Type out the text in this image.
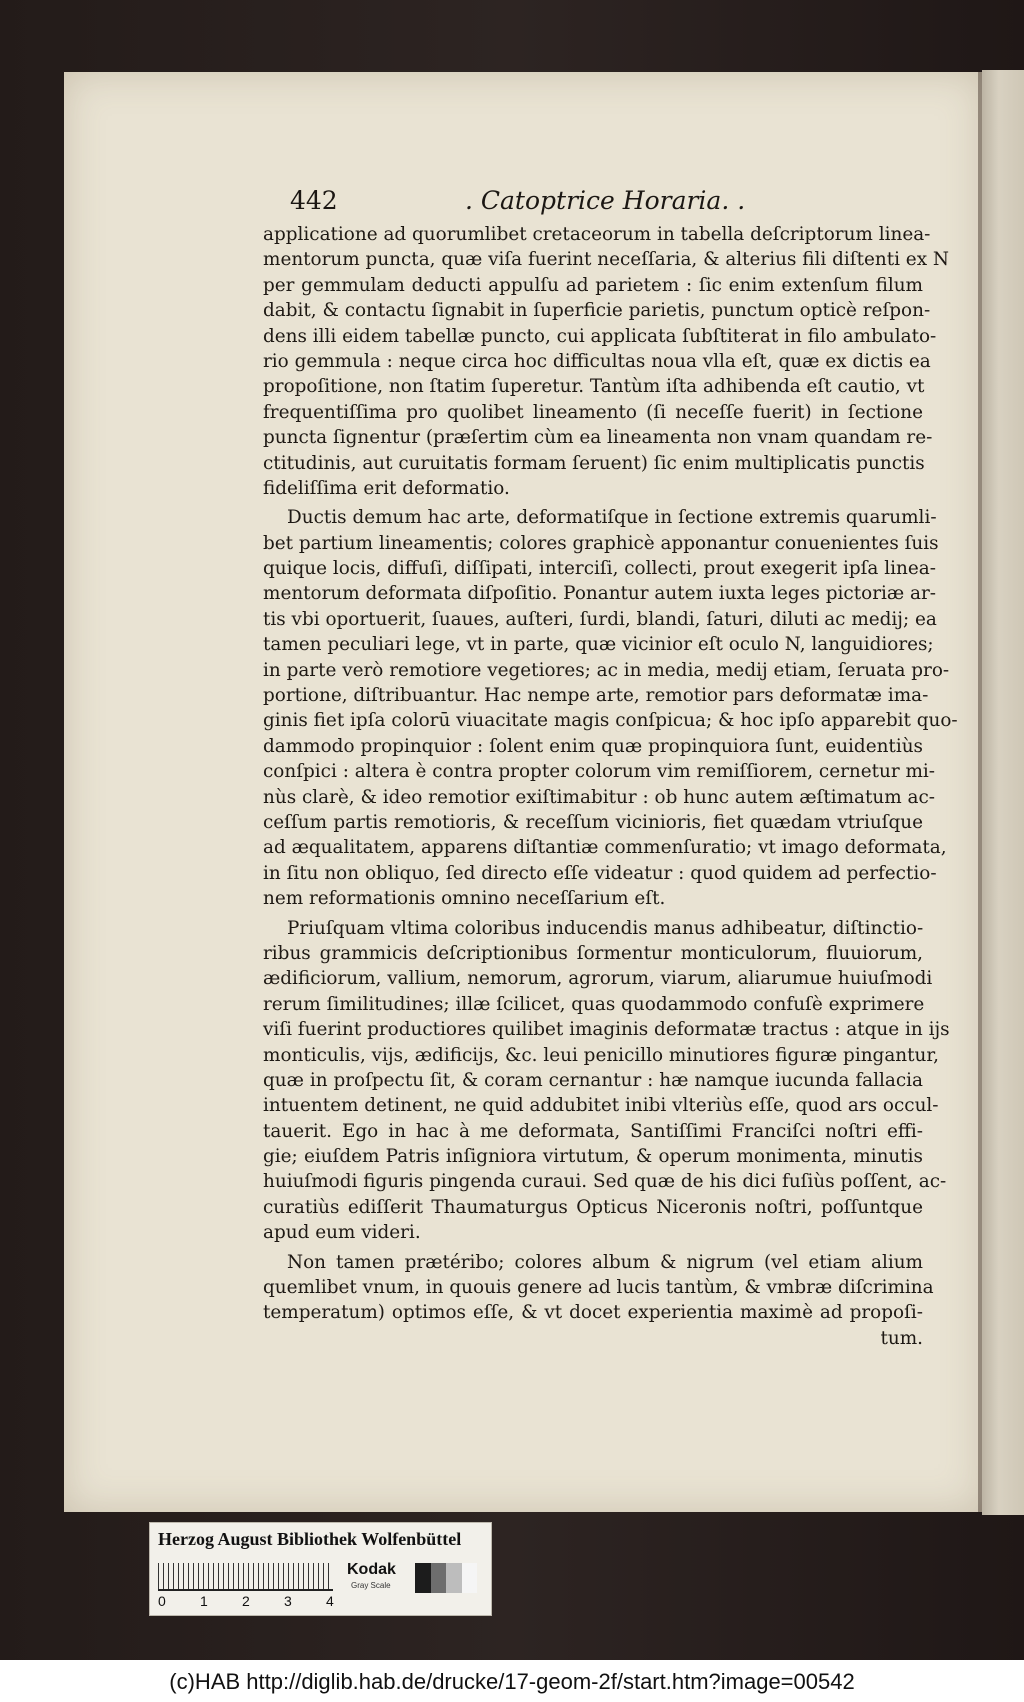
442	. Catoptrice Horaria. .
applicatione ad quorumlibet cretaceorum in tabella deſcriptorum linea-
mentorum puncta, quæ viſa fuerint neceſſaria, & alterius fili diſtenti ex N
per gemmulam deducti appulſu ad parietem : ſic enim extenſum filum
dabit, & contactu ſignabit in ſuperficie parietis, punctum opticè reſpon-
dens illi eidem tabellæ puncto, cui applicata ſubſtiterat in filo ambulato-
rio gemmula : neque circa hoc difficultas noua vlla eſt, quæ ex dictis ea
propoſitione, non ſtatim ſuperetur. Tantùm iſta adhibenda eſt cautio, vt
frequentiſſima pro quolibet lineamento (ſi neceſſe fuerit) in ſectione
puncta ſignentur (præſertim cùm ea lineamenta non vnam quandam re-
ctitudinis, aut curuitatis formam ſeruent) ſic enim multiplicatis punctis
fideliſſima erit deformatio.
Ductis demum hac arte, deformatiſque in ſectione extremis quarumli-
bet partium lineamentis; colores graphicè apponantur conuenientes ſuis
quique locis, diffuſi, diſſipati, interciſi, collecti, prout exegerit ipſa linea-
mentorum deformata diſpoſitio. Ponantur autem iuxta leges pictoriæ ar-
tis vbi oportuerit, ſuaues, auſteri, ſurdi, blandi, ſaturi, diluti ac medij; ea
tamen peculiari lege, vt in parte, quæ vicinior eſt oculo N, languidiores;
in parte verò remotiore vegetiores; ac in media, medij etiam, ſeruata pro-
portione, diſtribuantur. Hac nempe arte, remotior pars deformatæ ima-
ginis fiet ipſa colorū viuacitate magis conſpicua; & hoc ipſo apparebit quo-
dammodo propinquior : ſolent enim quæ propinquiora ſunt, euidentiùs
conſpici : altera è contra propter colorum vim remiſſiorem, cernetur mi-
nùs clarè, & ideo remotior exiſtimabitur : ob hunc autem æſtimatum ac-
ceſſum partis remotioris, & receſſum vicinioris, fiet quædam vtriuſque
ad æqualitatem, apparens diſtantiæ commenſuratio; vt imago deformata,
in ſitu non obliquo, ſed directo eſſe videatur : quod quidem ad perfectio-
nem reformationis omnino neceſſarium eſt.
Priuſquam vltima coloribus inducendis manus adhibeatur, diſtinctio-
ribus grammicis deſcriptionibus ſormentur monticulorum, fluuiorum,
ædificiorum, vallium, nemorum, agrorum, viarum, aliarumue huiuſmodi
rerum ſimilitudines; illæ ſcilicet, quas quodammodo confuſè exprimere
viſi fuerint productiores quilibet imaginis deformatæ tractus : atque in ijs
monticulis, vijs, ædificijs, &c. leui penicillo minutiores figuræ pingantur,
quæ in proſpectu ſit, & coram cernantur : hæ namque iucunda fallacia
intuentem detinent, ne quid addubitet inibi vlteriùs eſſe, quod ars occul-
tauerit. Ego in hac à me deformata, Santiſſimi Franciſci noſtri effi-
gie; eiuſdem Patris inſigniora virtutum, & operum monimenta, minutis
huiuſmodi figuris pingenda curaui. Sed quæ de his dici fuſiùs poſſent, ac-
curatiùs ediſſerit Thaumaturgus Opticus Niceronis noſtri, poſſuntque
apud eum videri.
Non tamen prætéribo; colores album & nigrum (vel etiam alium
quemlibet vnum, in quouis genere ad lucis tantùm, & vmbræ diſcrimina
temperatum) optimos eſſe, & vt docet experientia maximè ad propoſi-
tum.
Herzog August Bibliothek Wolfenbüttel
0 1 2 3 4
Kodak
Gray Scale
(c)HAB http://diglib.hab.de/drucke/17-geom-2f/start.htm?image=00542
